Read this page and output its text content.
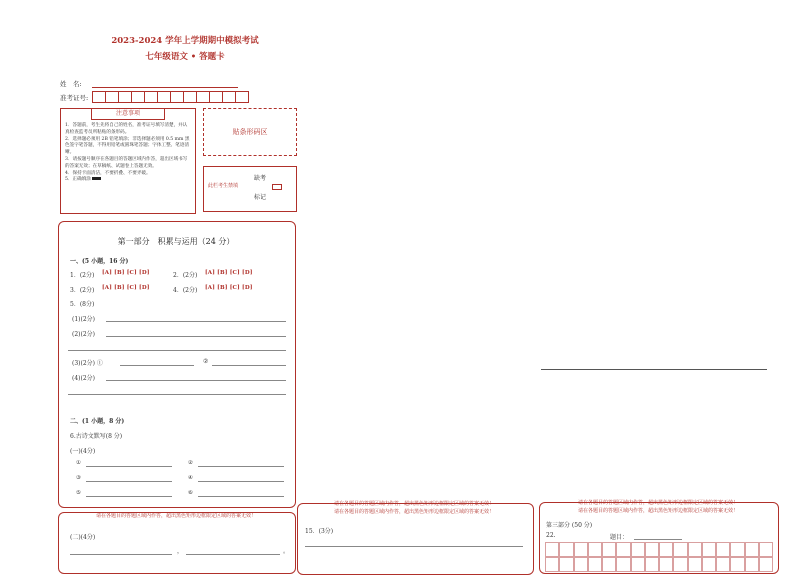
2023-2024 学年上学期期中模拟考试
七年级语文 • 答题卡
姓　名:
准考证号:
注意事项
1．答题前，考生先将自己的姓名，准考证号填写清楚，并认真检查监考员所粘贴的条形码。
2．选择题必须用 2B 铅笔填涂；非选择题必须用 0.5 mm 黑色签字笔答题，不得用铅笔或圆珠笔答题；字体工整、笔迹清晰。
3．请按题号顺序在各题目的答题区域内作答，超出区域书写的答案无效；在草稿纸、试题卷上答题无效。
4．保持卡面清洁，不要折叠、不要弄破。
5．正确填涂
贴条形码区
缺考
此栏考生禁填
标记
第一部分　积累与运用（24 分）
一、(5 小题，16 分)
1．(2分) [A] [B] [C] [D]	2．(2分) [A] [B] [C] [D]
3．(2分) [A] [B] [C] [D]	4．(2分) [A] [B] [C] [D]
5．(8分)
(1)(2分)
(2)(2分)
(3)(2分) ①	②
(4)(2分)
二、(1 小题，8 分)
6.古诗文默写(8 分)
(一)(4分)
①	②
③	④
⑤	⑥
请在各题目的答题区域内作答，超出黑色矩形边框限定区域的答案无效！
(二)(4分)
，	。
请在各题目的答题区域内作答，超出黑色矩形边框限定区域的答案无效！
请在各题目的答题区域内作答，超出黑色矩形边框限定区域的答案无效！
15．(3分)
请在各题目的答题区域内作答，超出黑色矩形边框限定区域的答案无效！
请在各题目的答题区域内作答，超出黑色矩形边框限定区域的答案无效！
第三部分 (50 分)
22.	题目：
